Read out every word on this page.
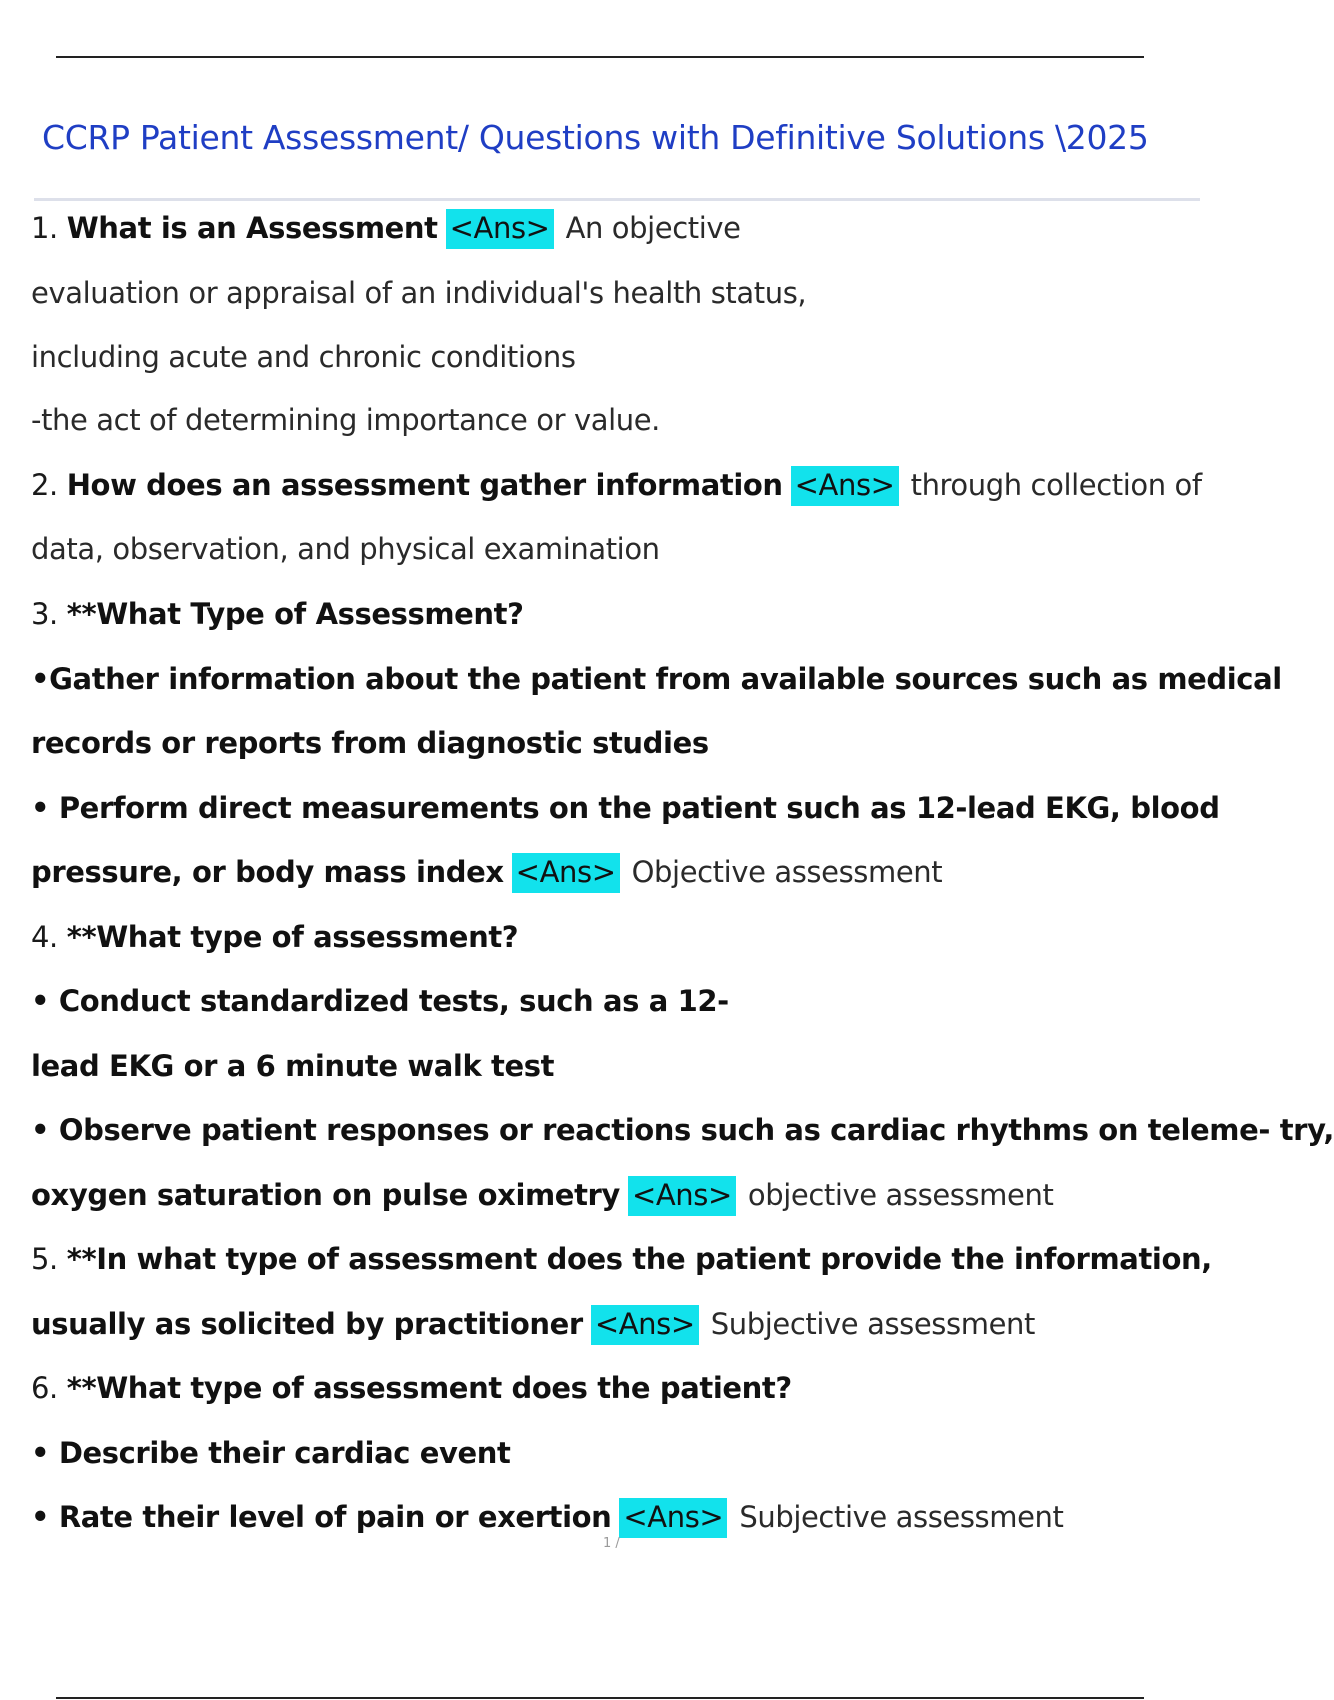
CCRP Patient Assessment/ Questions with Definitive Solutions \2025
1. What is an Assessment <Ans> An objective
evaluation or appraisal of an individual's health status,
including acute and chronic conditions
-the act of determining importance or value.
2. How does an assessment gather information <Ans> through collection of
data, observation, and physical examination
3. **What Type of Assessment?
•Gather information about the patient from available sources such as medical
records or reports from diagnostic studies
• Perform direct measurements on the patient such as 12-lead EKG, blood
pressure, or body mass index <Ans> Objective assessment
4. **What type of assessment?
• Conduct standardized tests, such as a 12-
lead EKG or a 6 minute walk test
• Observe patient responses or reactions such as cardiac rhythms on teleme- try,
oxygen saturation on pulse oximetry <Ans> objective assessment
5. **In what type of assessment does the patient provide the information,
usually as solicited by practitioner <Ans> Subjective assessment
6. **What type of assessment does the patient?
• Describe their cardiac event
• Rate their level of pain or exertion <Ans> Subjective assessment
1 /
